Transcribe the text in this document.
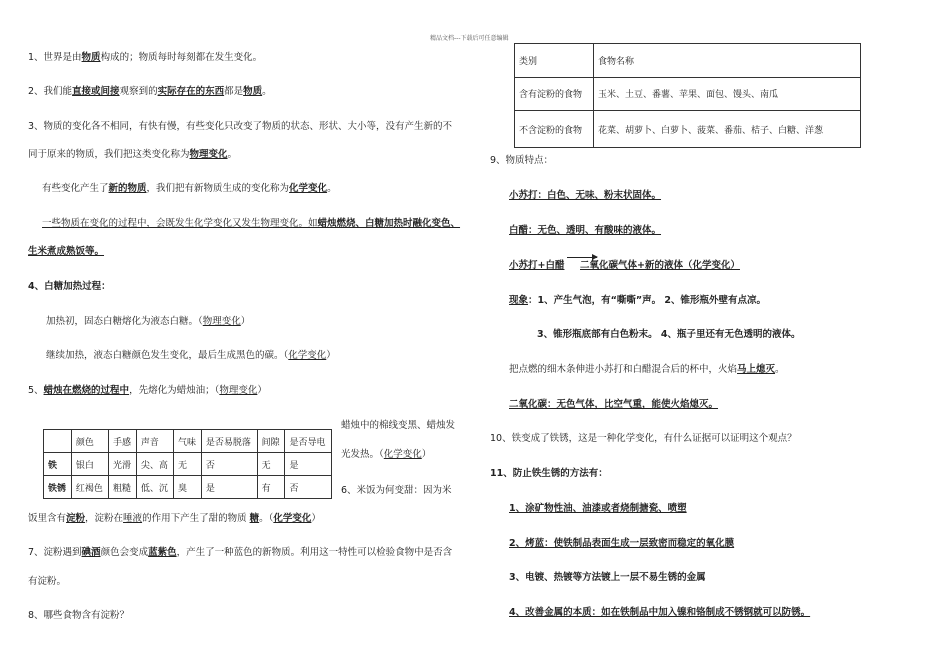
精品文档---下载后可任意编辑
1、世界是由物质构成的；物质每时每刻都在发生变化。
2、我们能直接或间接观察到的实际存在的东西都是物质。
3、物质的变化各不相同，有快有慢，有些变化只改变了物质的状态、形状、大小等，没有产生新的不
同于原来的物质，我们把这类变化称为物理变化。
有些变化产生了新的物质，我们把有新物质生成的变化称为化学变化。
一些物质在变化的过程中，会既发生化学变化又发生物理变化。如蜡烛燃烧、白糖加热时融化变色、
生米煮成熟饭等。
4、白糖加热过程：
加热初，固态白糖熔化为液态白糖。（物理变化）
继续加热，液态白糖颜色发生变化，最后生成黑色的碳。（化学变化）
5、蜡烛在燃烧的过程中，先熔化为蜡烛油；（物理变化）
	颜色	手感	声音	气味	是否易脱落	间隙	是否导电
铁	银白	光滑	尖、高	无	否	无	是
铁锈	红褐色	粗糙	低、沉	臭	是	有	否
蜡烛中的棉线变黑、蜡烛发
光发热。（化学变化）
6、米饭为何变甜：因为米
饭里含有淀粉，淀粉在唾液的作用下产生了甜的物质 糖。（化学变化）
7、淀粉遇到碘酒颜色会变成蓝紫色，产生了一种蓝色的新物质。利用这一特性可以检验食物中是否含
有淀粉。
8、哪些食物含有淀粉？
类别	食物名称
含有淀粉的食物	玉米、土豆、番薯、苹果、面包、馒头、南瓜
不含淀粉的食物	花菜、胡萝卜、白萝卜、菠菜、番茄、桔子、白糖、洋葱
9、物质特点：
小苏打：白色、无味、粉末状固体。
白醋：无色、透明、有酸味的液体。
小苏打+白醋 二氧化碳气体+新的液体（化学变化）
现象：1、产生气泡，有“嘶嘶”声。 2、锥形瓶外壁有点凉。
3、锥形瓶底部有白色粉末。 4、瓶子里还有无色透明的液体。
把点燃的细木条伸进小苏打和白醋混合后的杯中，火焰马上熄灭。
二氧化碳：无色气体，比空气重，能使火焰熄灭。
10、铁变成了铁锈，这是一种化学变化，有什么证据可以证明这个观点？
11、防止铁生锈的方法有：
1、涂矿物性油、油漆或者烧制搪瓷、喷塑
2、烤蓝：使铁制品表面生成一层致密而稳定的氧化膜
3、电镀、热镀等方法镀上一层不易生锈的金属
4、改善金属的本质：如在铁制品中加入镍和铬制成不锈钢就可以防锈。
